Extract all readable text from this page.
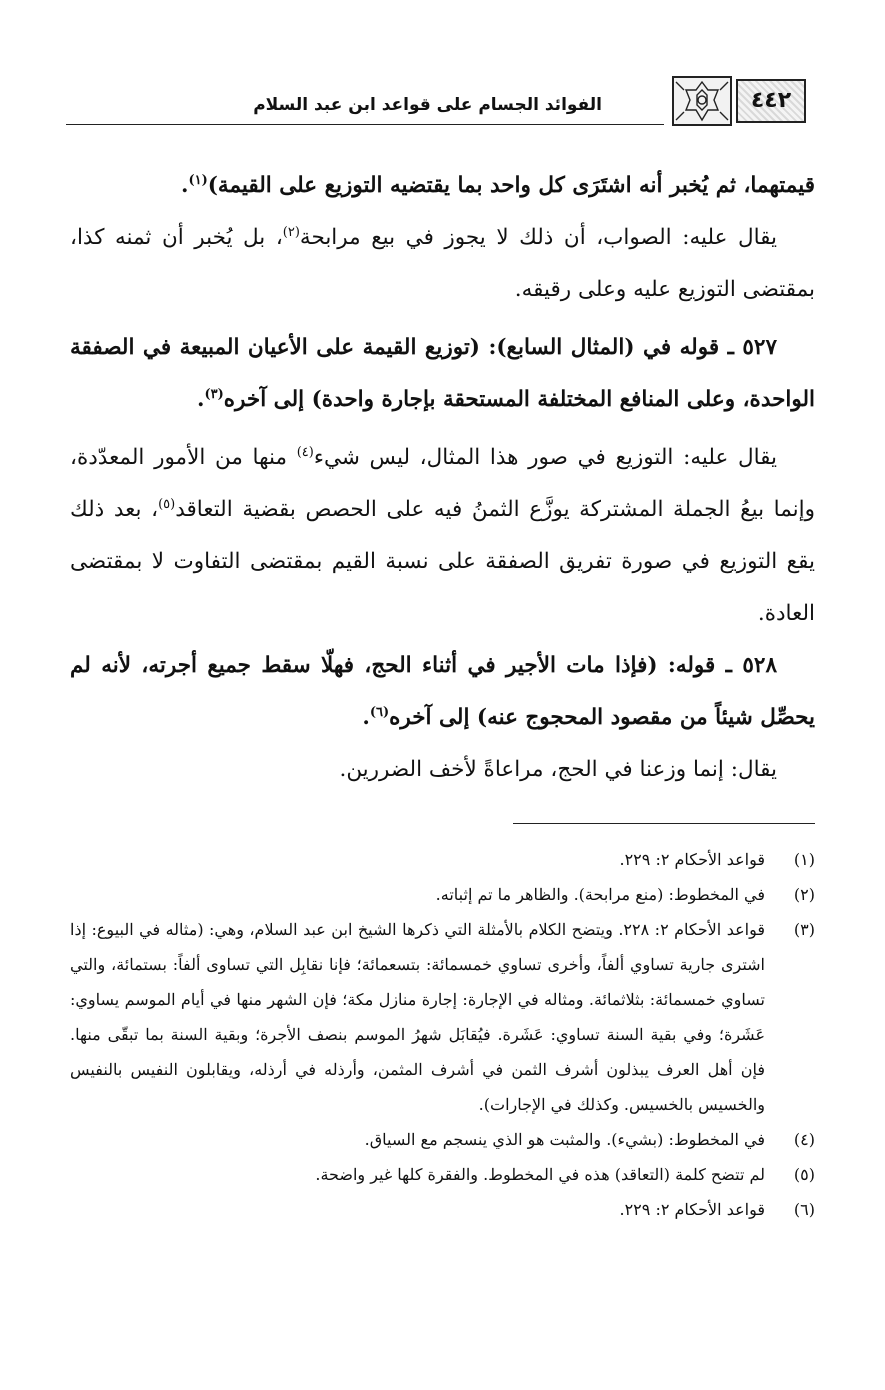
الفوائد الجسام على قواعد ابن عبد السلام	٤٤٢

قيمتهما، ثم يُخبر أنه اشتَرَى كل واحد بما يقتضيه التوزيع على القيمة)$^{(١)}$.

يقال عليه: الصواب، أن ذلك لا يجوز في بيع مرابحة$^{(٢)}$، بل يُخبر أن ثمنه كذا، بمقتضى التوزيع عليه وعلى رقيقه.

٥٢٧ ـ قوله في (المثال السابع): (توزيع القيمة على الأعيان المبيعة في الصفقة الواحدة، وعلى المنافع المختلفة المستحقة بإجارة واحدة) إلى آخره$^{(٣)}$.

يقال عليه: التوزيع في صور هذا المثال، ليس شيء$^{(٤)}$ منها من الأمور المعدّدة، وإنما بيعُ الجملة المشتركة يوزَّع الثمنُ فيه على الحصص بقضية التعاقد$^{(٥)}$، بعد ذلك يقع التوزيع في صورة تفريق الصفقة على نسبة القيم بمقتضى التفاوت لا بمقتضى العادة.

٥٢٨ ـ قوله: (فإذا مات الأجير في أثناء الحج، فهلّا سقط جميع أجرته، لأنه لم يحصِّل شيئاً من مقصود المحجوج عنه) إلى آخره$^{(٦)}$.

يقال: إنما وزعنا في الحج، مراعاةً لأخف الضررين.

(١)
قواعد الأحكام ٢: ٢٢٩.
(٢)
في المخطوط: (منع مرابحة). والظاهر ما تم إثباته.
(٣)
قواعد الأحكام ٢: ٢٢٨. ويتضح الكلام بالأمثلة التي ذكرها الشيخ ابن عبد السلام، وهي: (مثاله في البيوع: إذا اشترى جارية تساوي ألفاً، وأخرى تساوي خمسمائة: بتسعمائة؛ فإنا نقابِل التي تساوى ألفاً: بستمائة، والتي تساوي خمسمائة: بثلاثمائة. ومثاله في الإجارة: إجارة منازل مكة؛ فإن الشهر منها في أيام الموسم يساوي: عَشَرة؛ وفي بقية السنة تساوي: عَشَرة. فيُقابَل شهرُ الموسم بنصف الأجرة؛ وبقية السنة بما تبقّى منها. فإن أهل العرف يبذلون أشرف الثمن في أشرف المثمن، وأرذله في أرذله، ويقابلون النفيس بالنفيس والخسيس بالخسيس. وكذلك في الإجارات).
(٤)
في المخطوط: (بشيء). والمثبت هو الذي ينسجم مع السياق.
(٥)
لم تتضح كلمة (التعاقد) هذه في المخطوط. والفقرة كلها غير واضحة.
(٦)
قواعد الأحكام ٢: ٢٢٩.
